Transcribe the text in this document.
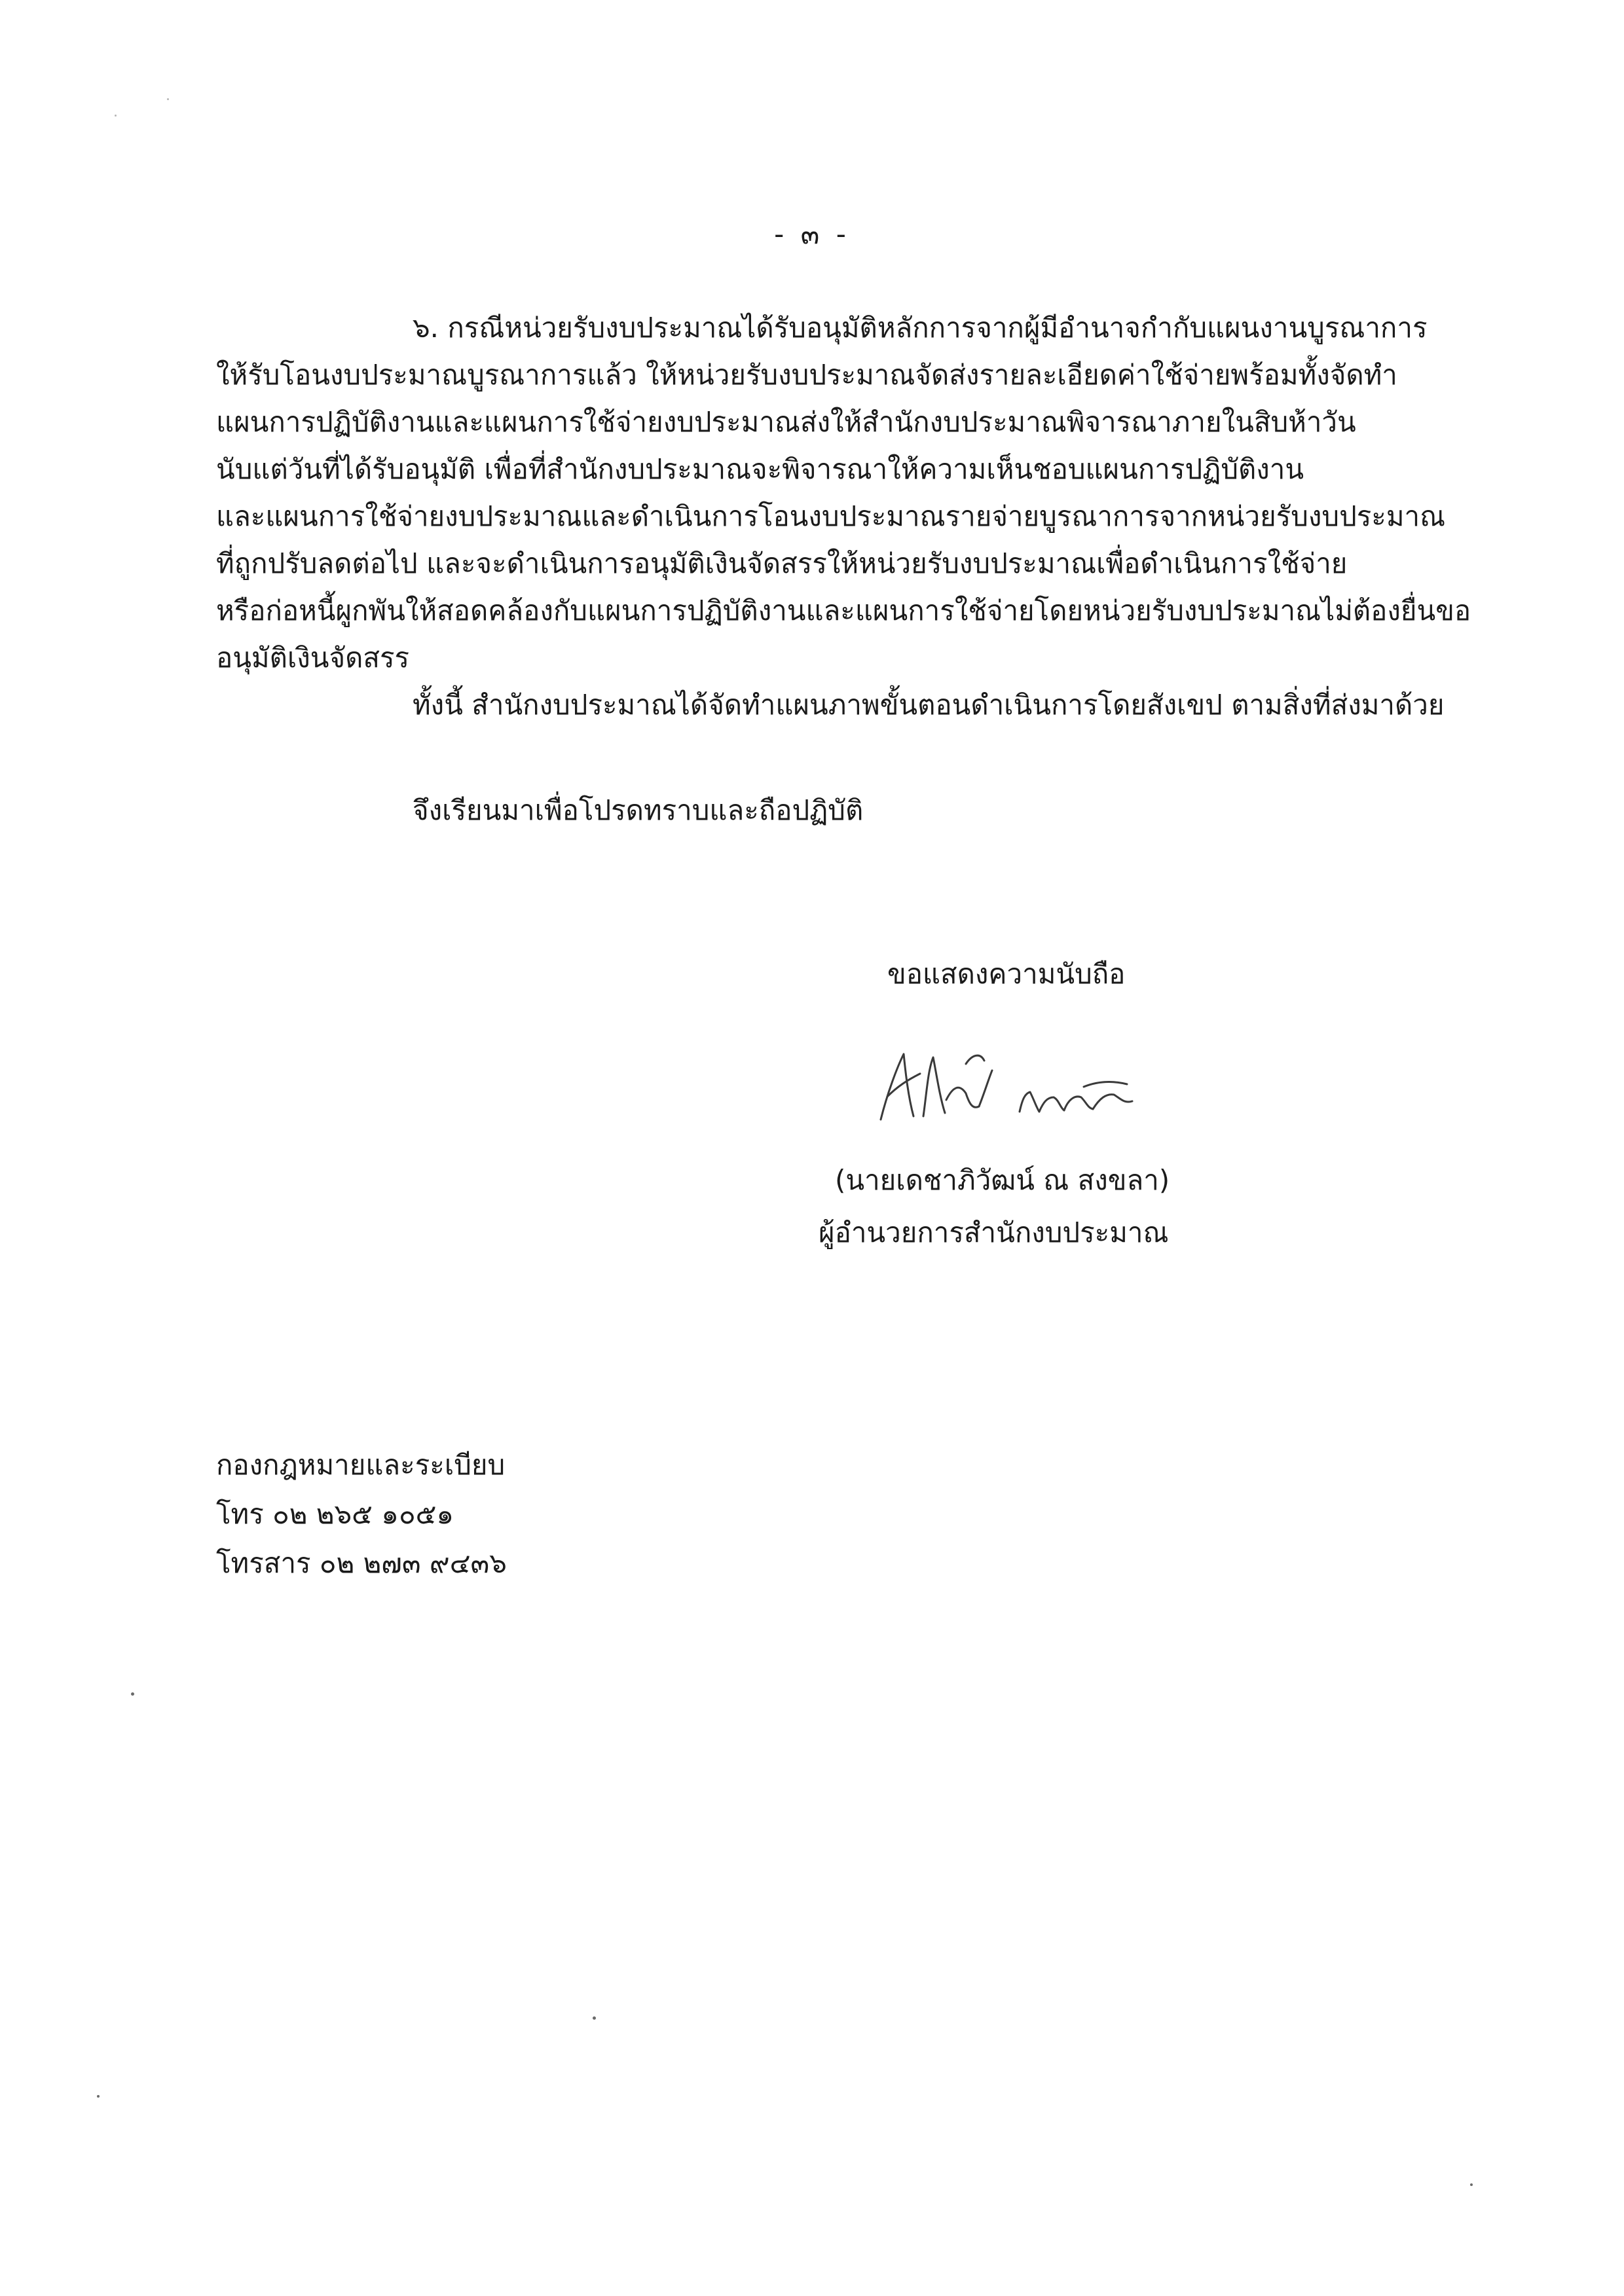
- ๓ -
๖. กรณีหน่วยรับงบประมาณได้รับอนุมัติหลักการจากผู้มีอำนาจกำกับแผนงานบูรณาการ
ให้รับโอนงบประมาณบูรณาการแล้ว ให้หน่วยรับงบประมาณจัดส่งรายละเอียดค่าใช้จ่ายพร้อมทั้งจัดทำ
แผนการปฏิบัติงานและแผนการใช้จ่ายงบประมาณส่งให้สำนักงบประมาณพิจารณาภายในสิบห้าวัน
นับแต่วันที่ได้รับอนุมัติ เพื่อที่สำนักงบประมาณจะพิจารณาให้ความเห็นชอบแผนการปฏิบัติงาน
และแผนการใช้จ่ายงบประมาณและดำเนินการโอนงบประมาณรายจ่ายบูรณาการจากหน่วยรับงบประมาณ
ที่ถูกปรับลดต่อไป และจะดำเนินการอนุมัติเงินจัดสรรให้หน่วยรับงบประมาณเพื่อดำเนินการใช้จ่าย
หรือก่อหนี้ผูกพันให้สอดคล้องกับแผนการปฏิบัติงานและแผนการใช้จ่ายโดยหน่วยรับงบประมาณไม่ต้องยื่นขอ
อนุมัติเงินจัดสรร
ทั้งนี้ สำนักงบประมาณได้จัดทำแผนภาพขั้นตอนดำเนินการโดยสังเขป ตามสิ่งที่ส่งมาด้วย
จึงเรียนมาเพื่อโปรดทราบและถือปฏิบัติ
ขอแสดงความนับถือ
(นายเดชาภิวัฒน์ ณ สงขลา)
ผู้อำนวยการสำนักงบประมาณ
กองกฎหมายและระเบียบ
โทร ๐๒ ๒๖๕ ๑๐๕๑
โทรสาร ๐๒ ๒๗๓ ๙๔๓๖
